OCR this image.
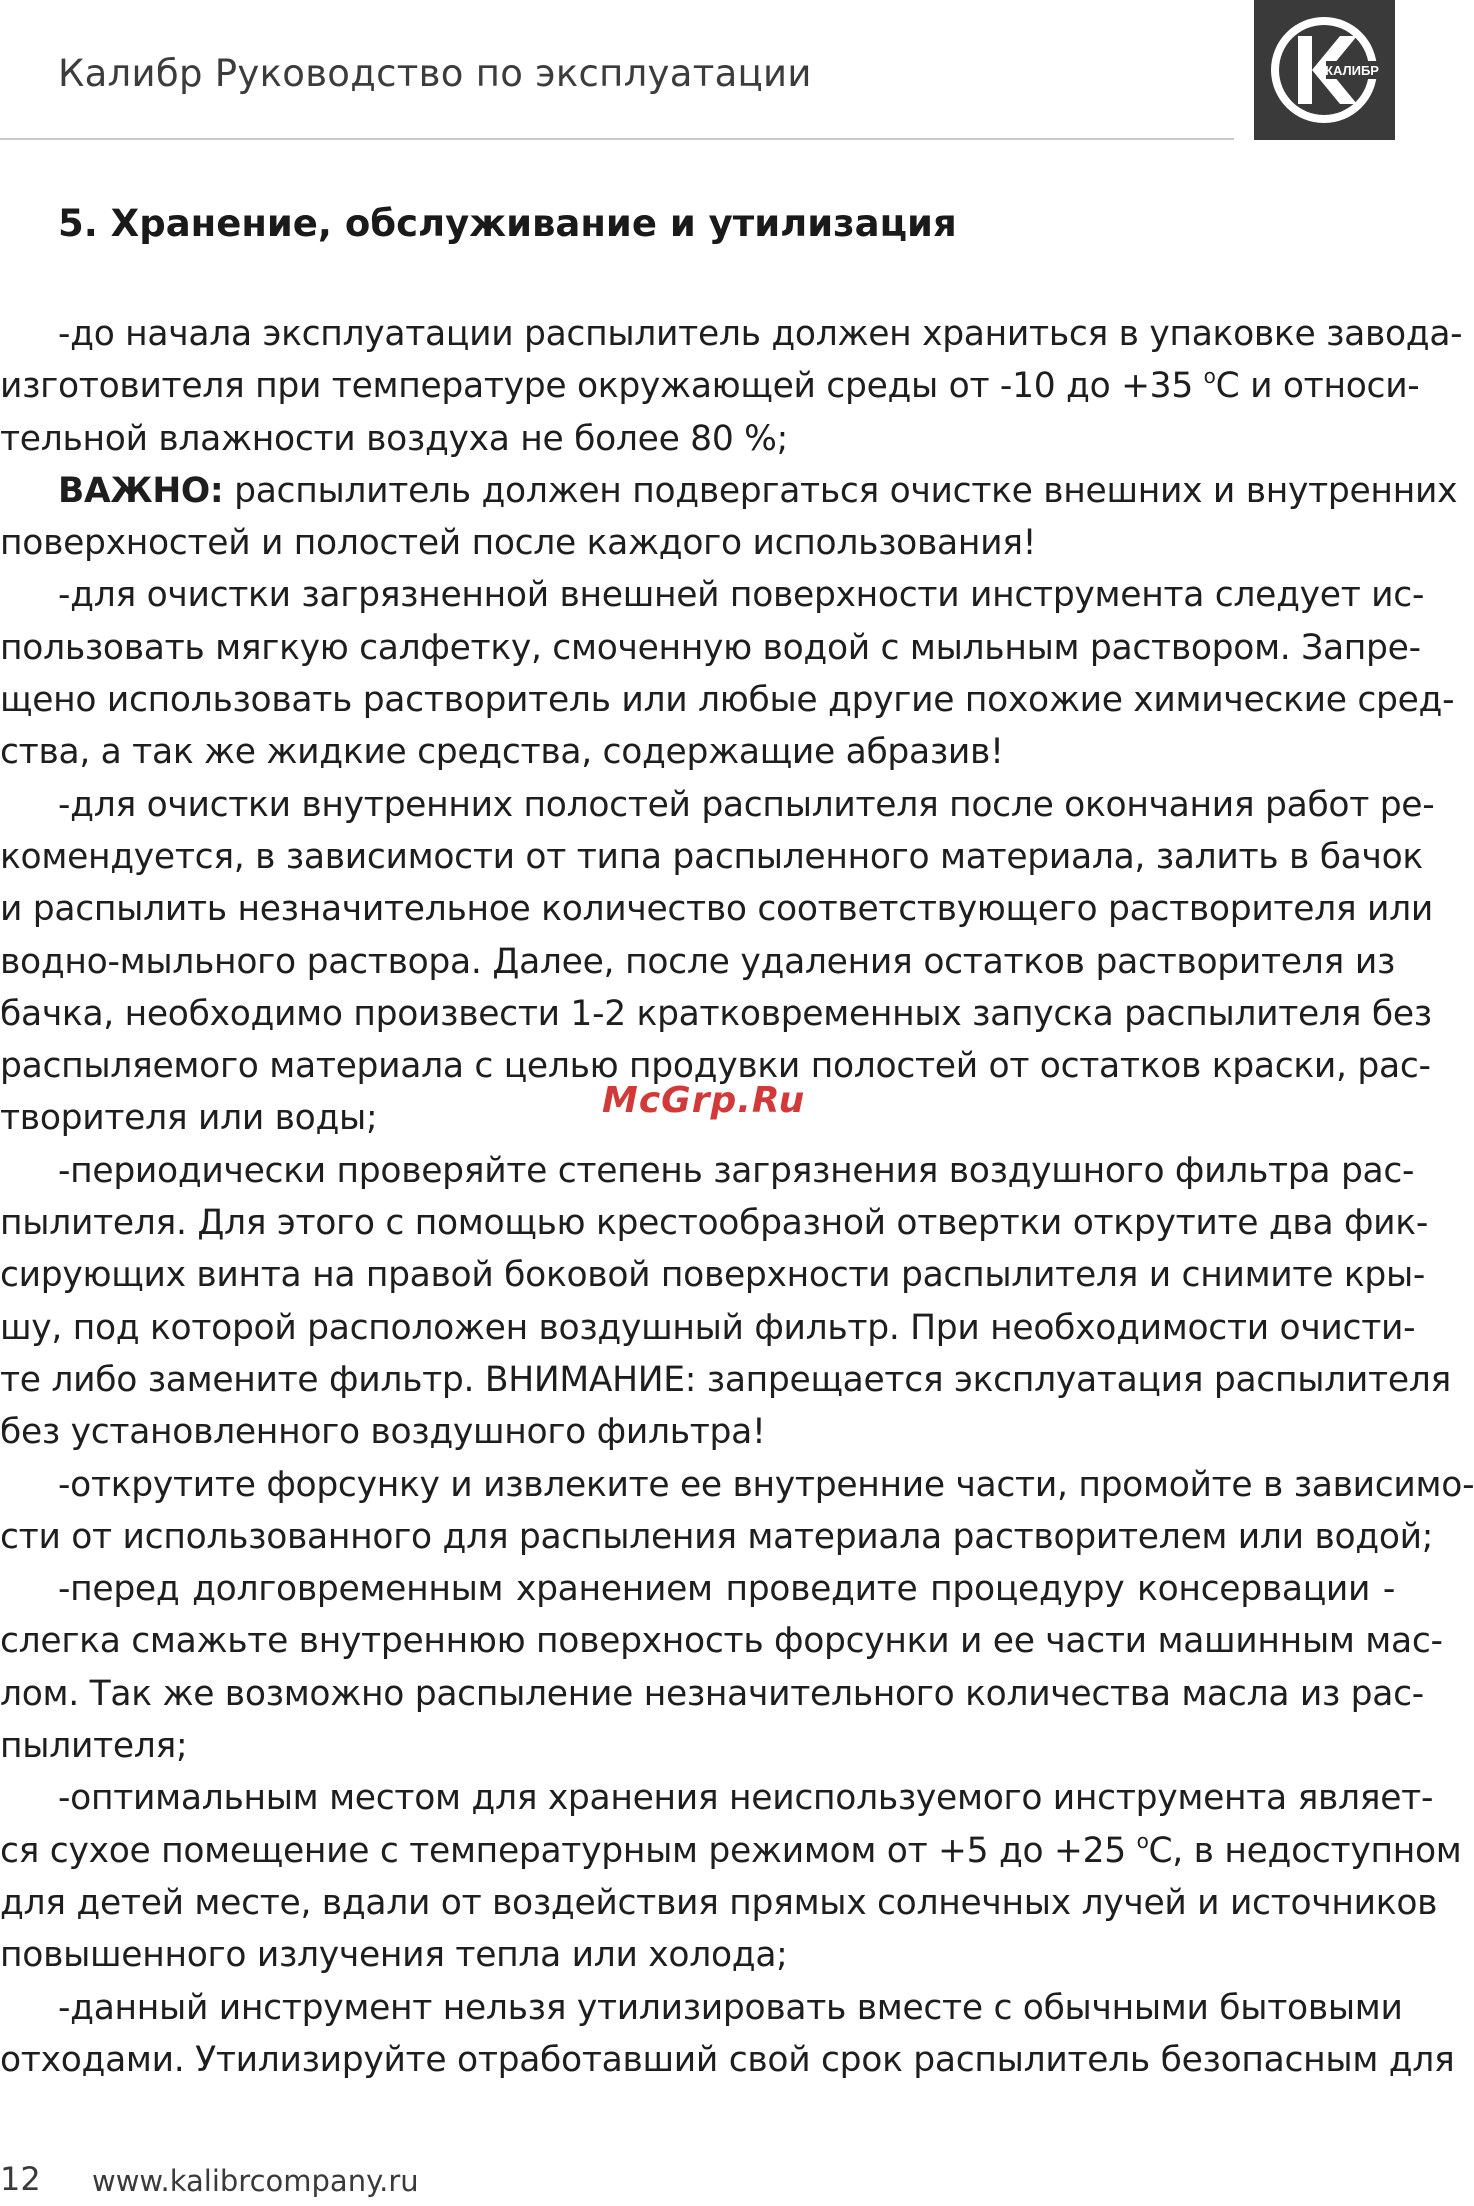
Калибр Руководство по эксплуатации	КАЛИБР
5. Хранение, обслуживание и утилизация
-до начала эксплуатации распылитель должен храниться в упаковке завода-
изготовителя при температуре окружающей среды от -10 до +35 $^о$С и относи-
тельной влажности воздуха не более 80 %;
ВАЖНО: распылитель должен подвергаться очистке внешних и внутренних
поверхностей и полостей после каждого использования!
-для очистки загрязненной внешней поверхности инструмента следует ис-
пользовать мягкую салфетку, смоченную водой с мыльным раствором. Запре-
щено использовать растворитель или любые другие похожие химические сред-
ства, а так же жидкие средства, содержащие абразив!
-для очистки внутренних полостей распылителя после окончания работ ре-
комендуется, в зависимости от типа распыленного материала, залить в бачок
и распылить незначительное количество соответствующего растворителя или
водно-мыльного раствора. Далее, после удаления остатков растворителя из
бачка, необходимо произвести 1-2 кратковременных запуска распылителя без
распыляемого материала с целью продувки полостей от остатков краски, рас-
творителя или воды;
-периодически проверяйте степень загрязнения воздушного фильтра рас-
пылителя. Для этого с помощью крестообразной отвертки открутите два фик-
сирующих винта на правой боковой поверхности распылителя и снимите кры-
шу, под которой расположен воздушный фильтр. При необходимости очисти-
те либо замените фильтр. ВНИМАНИЕ: запрещается эксплуатация распылителя
без установленного воздушного фильтра!
-открутите форсунку и извлеките ее внутренние части, промойте в зависимо-
сти от использованного для распыления материала растворителем или водой;
-перед долговременным хранением проведите процедуру консервации -
слегка смажьте внутреннюю поверхность форсунки и ее части машинным мас-
лом. Так же возможно распыление незначительного количества масла из рас-
пылителя;
-оптимальным местом для хранения неиспользуемого инструмента являет-
ся сухое помещение с температурным режимом от +5 до +25 $^о$С, в недоступном
для детей месте, вдали от воздействия прямых солнечных лучей и источников
повышенного излучения тепла или холода;
-данный инструмент нельзя утилизировать вместе с обычными бытовыми
отходами. Утилизируйте отработавший свой срок распылитель безопасным для
McGrp.Ru
12 www.kalibrcompany.ru
